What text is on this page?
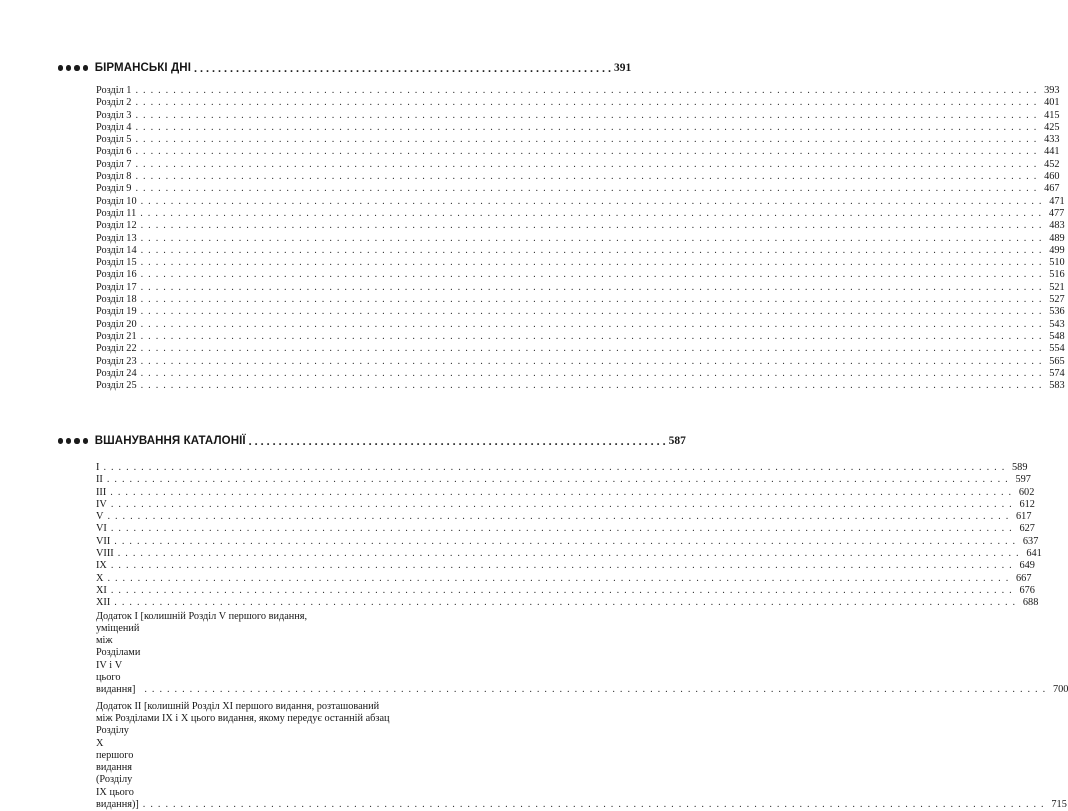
БІРМАНСЬКІ ДНІ . . . . . . . . . . . . . . . . . . . . . . . . . . . . . . . . . . . . . . . . . . . . . . . . . . . . . . . . . . . . . . . . . . . . . . 391
Розділ 1 . . . . . . . . . . . . . . . . . . . . . . . . . . . . . . . . . . . . . . . . . . . . . . . . . . . . . . . . . . . . . . . . . . . . . . . . . . . . . . . . . . . . . . . . . . . . . . . . . . . . . . . . . . . . . . . . . . . . . . . . 393
Розділ 2 . . . . . . . . . . . . . . . . . . . . . . . . . . . . . . . . . . . . . . . . . . . . . . . . . . . . . . . . . . . . . . . . . . . . . . . . . . . . . . . . . . . . . . . . . . . . . . . . . . . . . . . . . . . . . . . . . . . . . . . . 401
Розділ 3 . . . . . . . . . . . . . . . . . . . . . . . . . . . . . . . . . . . . . . . . . . . . . . . . . . . . . . . . . . . . . . . . . . . . . . . . . . . . . . . . . . . . . . . . . . . . . . . . . . . . . . . . . . . . . . . . . . . . . . . . 415
Розділ 4 . . . . . . . . . . . . . . . . . . . . . . . . . . . . . . . . . . . . . . . . . . . . . . . . . . . . . . . . . . . . . . . . . . . . . . . . . . . . . . . . . . . . . . . . . . . . . . . . . . . . . . . . . . . . . . . . . . . . . . . . 425
Розділ 5 . . . . . . . . . . . . . . . . . . . . . . . . . . . . . . . . . . . . . . . . . . . . . . . . . . . . . . . . . . . . . . . . . . . . . . . . . . . . . . . . . . . . . . . . . . . . . . . . . . . . . . . . . . . . . . . . . . . . . . . . 433
Розділ 6 . . . . . . . . . . . . . . . . . . . . . . . . . . . . . . . . . . . . . . . . . . . . . . . . . . . . . . . . . . . . . . . . . . . . . . . . . . . . . . . . . . . . . . . . . . . . . . . . . . . . . . . . . . . . . . . . . . . . . . . . 441
Розділ 7 . . . . . . . . . . . . . . . . . . . . . . . . . . . . . . . . . . . . . . . . . . . . . . . . . . . . . . . . . . . . . . . . . . . . . . . . . . . . . . . . . . . . . . . . . . . . . . . . . . . . . . . . . . . . . . . . . . . . . . . . 452
Розділ 8 . . . . . . . . . . . . . . . . . . . . . . . . . . . . . . . . . . . . . . . . . . . . . . . . . . . . . . . . . . . . . . . . . . . . . . . . . . . . . . . . . . . . . . . . . . . . . . . . . . . . . . . . . . . . . . . . . . . . . . . . 460
Розділ 9 . . . . . . . . . . . . . . . . . . . . . . . . . . . . . . . . . . . . . . . . . . . . . . . . . . . . . . . . . . . . . . . . . . . . . . . . . . . . . . . . . . . . . . . . . . . . . . . . . . . . . . . . . . . . . . . . . . . . . . . . 467
Розділ 10 . . . . . . . . . . . . . . . . . . . . . . . . . . . . . . . . . . . . . . . . . . . . . . . . . . . . . . . . . . . . . . . . . . . . . . . . . . . . . . . . . . . . . . . . . . . . . . . . . . . . . . . . . . . . . . . . . . . . . . . . 471
Розділ 11 . . . . . . . . . . . . . . . . . . . . . . . . . . . . . . . . . . . . . . . . . . . . . . . . . . . . . . . . . . . . . . . . . . . . . . . . . . . . . . . . . . . . . . . . . . . . . . . . . . . . . . . . . . . . . . . . . . . . . . . . 477
Розділ 12 . . . . . . . . . . . . . . . . . . . . . . . . . . . . . . . . . . . . . . . . . . . . . . . . . . . . . . . . . . . . . . . . . . . . . . . . . . . . . . . . . . . . . . . . . . . . . . . . . . . . . . . . . . . . . . . . . . . . . . . . 483
Розділ 13 . . . . . . . . . . . . . . . . . . . . . . . . . . . . . . . . . . . . . . . . . . . . . . . . . . . . . . . . . . . . . . . . . . . . . . . . . . . . . . . . . . . . . . . . . . . . . . . . . . . . . . . . . . . . . . . . . . . . . . . . 489
Розділ 14 . . . . . . . . . . . . . . . . . . . . . . . . . . . . . . . . . . . . . . . . . . . . . . . . . . . . . . . . . . . . . . . . . . . . . . . . . . . . . . . . . . . . . . . . . . . . . . . . . . . . . . . . . . . . . . . . . . . . . . . . 499
Розділ 15 . . . . . . . . . . . . . . . . . . . . . . . . . . . . . . . . . . . . . . . . . . . . . . . . . . . . . . . . . . . . . . . . . . . . . . . . . . . . . . . . . . . . . . . . . . . . . . . . . . . . . . . . . . . . . . . . . . . . . . . . 510
Розділ 16 . . . . . . . . . . . . . . . . . . . . . . . . . . . . . . . . . . . . . . . . . . . . . . . . . . . . . . . . . . . . . . . . . . . . . . . . . . . . . . . . . . . . . . . . . . . . . . . . . . . . . . . . . . . . . . . . . . . . . . . . 516
Розділ 17 . . . . . . . . . . . . . . . . . . . . . . . . . . . . . . . . . . . . . . . . . . . . . . . . . . . . . . . . . . . . . . . . . . . . . . . . . . . . . . . . . . . . . . . . . . . . . . . . . . . . . . . . . . . . . . . . . . . . . . . . 521
Розділ 18 . . . . . . . . . . . . . . . . . . . . . . . . . . . . . . . . . . . . . . . . . . . . . . . . . . . . . . . . . . . . . . . . . . . . . . . . . . . . . . . . . . . . . . . . . . . . . . . . . . . . . . . . . . . . . . . . . . . . . . . . 527
Розділ 19 . . . . . . . . . . . . . . . . . . . . . . . . . . . . . . . . . . . . . . . . . . . . . . . . . . . . . . . . . . . . . . . . . . . . . . . . . . . . . . . . . . . . . . . . . . . . . . . . . . . . . . . . . . . . . . . . . . . . . . . . 536
Розділ 20 . . . . . . . . . . . . . . . . . . . . . . . . . . . . . . . . . . . . . . . . . . . . . . . . . . . . . . . . . . . . . . . . . . . . . . . . . . . . . . . . . . . . . . . . . . . . . . . . . . . . . . . . . . . . . . . . . . . . . . . . 543
Розділ 21 . . . . . . . . . . . . . . . . . . . . . . . . . . . . . . . . . . . . . . . . . . . . . . . . . . . . . . . . . . . . . . . . . . . . . . . . . . . . . . . . . . . . . . . . . . . . . . . . . . . . . . . . . . . . . . . . . . . . . . . . 548
Розділ 22 . . . . . . . . . . . . . . . . . . . . . . . . . . . . . . . . . . . . . . . . . . . . . . . . . . . . . . . . . . . . . . . . . . . . . . . . . . . . . . . . . . . . . . . . . . . . . . . . . . . . . . . . . . . . . . . . . . . . . . . . 554
Розділ 23 . . . . . . . . . . . . . . . . . . . . . . . . . . . . . . . . . . . . . . . . . . . . . . . . . . . . . . . . . . . . . . . . . . . . . . . . . . . . . . . . . . . . . . . . . . . . . . . . . . . . . . . . . . . . . . . . . . . . . . . . 565
Розділ 24 . . . . . . . . . . . . . . . . . . . . . . . . . . . . . . . . . . . . . . . . . . . . . . . . . . . . . . . . . . . . . . . . . . . . . . . . . . . . . . . . . . . . . . . . . . . . . . . . . . . . . . . . . . . . . . . . . . . . . . . . 574
Розділ 25 . . . . . . . . . . . . . . . . . . . . . . . . . . . . . . . . . . . . . . . . . . . . . . . . . . . . . . . . . . . . . . . . . . . . . . . . . . . . . . . . . . . . . . . . . . . . . . . . . . . . . . . . . . . . . . . . . . . . . . . . 583
ВШАНУВАННЯ КАТАЛОНІЇ . . . . . . . . . . . . . . . . . . . . . . . . . . . . . . . . . . . . . . . . . . . . . . . . . . . . . . . . . . . . . . . . . . . . . . 587
I . . . . . . . . . . . . . . . . . . . . . . . . . . . . . . . . . . . . . . . . . . . . . . . . . . . . . . . . . . . . . . . . . . . . . . . . . . . . . . . . . . . . . . . . . . . . . . . . . . . . . . . . . . . . . . . . . . . . . . . . 589
II . . . . . . . . . . . . . . . . . . . . . . . . . . . . . . . . . . . . . . . . . . . . . . . . . . . . . . . . . . . . . . . . . . . . . . . . . . . . . . . . . . . . . . . . . . . . . . . . . . . . . . . . . . . . . . . . . . . . . . . . 597
III . . . . . . . . . . . . . . . . . . . . . . . . . . . . . . . . . . . . . . . . . . . . . . . . . . . . . . . . . . . . . . . . . . . . . . . . . . . . . . . . . . . . . . . . . . . . . . . . . . . . . . . . . . . . . . . . . . . . . . . . 602
IV . . . . . . . . . . . . . . . . . . . . . . . . . . . . . . . . . . . . . . . . . . . . . . . . . . . . . . . . . . . . . . . . . . . . . . . . . . . . . . . . . . . . . . . . . . . . . . . . . . . . . . . . . . . . . . . . . . . . . . . . 612
V . . . . . . . . . . . . . . . . . . . . . . . . . . . . . . . . . . . . . . . . . . . . . . . . . . . . . . . . . . . . . . . . . . . . . . . . . . . . . . . . . . . . . . . . . . . . . . . . . . . . . . . . . . . . . . . . . . . . . . . . 617
VI . . . . . . . . . . . . . . . . . . . . . . . . . . . . . . . . . . . . . . . . . . . . . . . . . . . . . . . . . . . . . . . . . . . . . . . . . . . . . . . . . . . . . . . . . . . . . . . . . . . . . . . . . . . . . . . . . . . . . . . . 627
VII . . . . . . . . . . . . . . . . . . . . . . . . . . . . . . . . . . . . . . . . . . . . . . . . . . . . . . . . . . . . . . . . . . . . . . . . . . . . . . . . . . . . . . . . . . . . . . . . . . . . . . . . . . . . . . . . . . . . . . . . 637
VIII . . . . . . . . . . . . . . . . . . . . . . . . . . . . . . . . . . . . . . . . . . . . . . . . . . . . . . . . . . . . . . . . . . . . . . . . . . . . . . . . . . . . . . . . . . . . . . . . . . . . . . . . . . . . . . . . . . . . . . . . 641
IX . . . . . . . . . . . . . . . . . . . . . . . . . . . . . . . . . . . . . . . . . . . . . . . . . . . . . . . . . . . . . . . . . . . . . . . . . . . . . . . . . . . . . . . . . . . . . . . . . . . . . . . . . . . . . . . . . . . . . . . . 649
X . . . . . . . . . . . . . . . . . . . . . . . . . . . . . . . . . . . . . . . . . . . . . . . . . . . . . . . . . . . . . . . . . . . . . . . . . . . . . . . . . . . . . . . . . . . . . . . . . . . . . . . . . . . . . . . . . . . . . . . . 667
XI . . . . . . . . . . . . . . . . . . . . . . . . . . . . . . . . . . . . . . . . . . . . . . . . . . . . . . . . . . . . . . . . . . . . . . . . . . . . . . . . . . . . . . . . . . . . . . . . . . . . . . . . . . . . . . . . . . . . . . . . 676
XII . . . . . . . . . . . . . . . . . . . . . . . . . . . . . . . . . . . . . . . . . . . . . . . . . . . . . . . . . . . . . . . . . . . . . . . . . . . . . . . . . . . . . . . . . . . . . . . . . . . . . . . . . . . . . . . . . . . . . . . . 688
Додаток I [колишній Розділ V першого видання,
уміщений між Розділами IV і V цього видання] . . . . . . . . . . . . . . . . . . . . . . . . . . . . . . . . . . . . . . . . . . . . . . . . . . . . . . . . . . . . . . . . . . . . . . . . . . . . . . . . . . . . . . . . . . . . . . . . . . . . . . . . . . . . . . . . . . . . . . . . 700
Додаток II [колишній Розділ XI першого видання, розташований
між Розділами IX і X цього видання, якому передує останній абзац
Розділу X першого видання (Розділу IX цього видання)] . . . . . . . . . . . . . . . . . . . . . . . . . . . . . . . . . . . . . . . . . . . . . . . . . . . . . . . . . . . . . . . . . . . . . . . . . . . . . . . . . . . . . . . . . . . . . . . . . . . . . . . . . . . . . . . . . . . . . . . . 715
